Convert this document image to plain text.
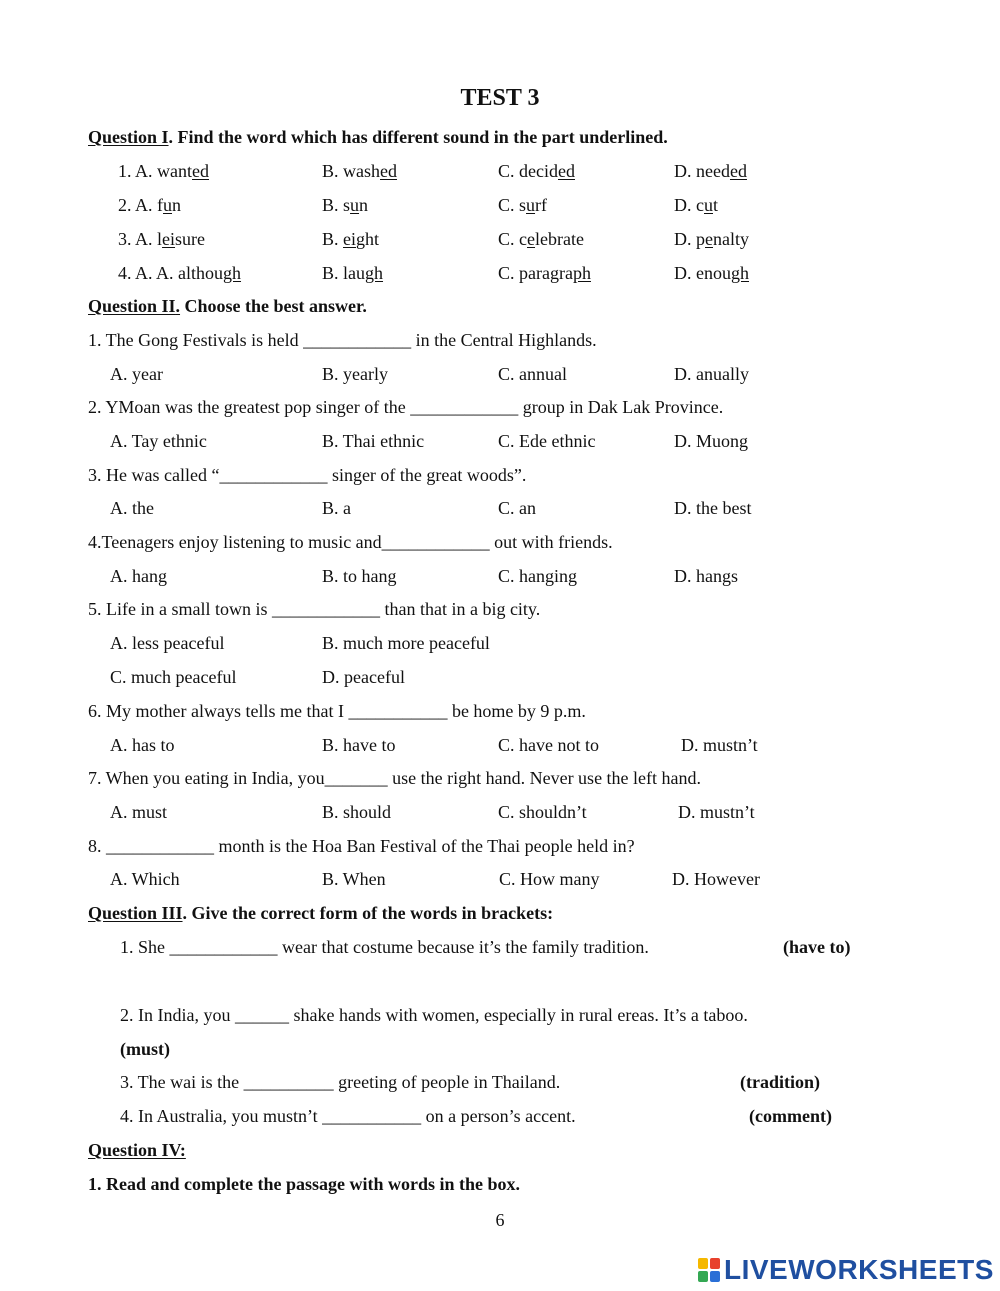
TEST 3
Question I. Find the word which has different sound in the part underlined.
1. A. wanted	B. washed	C. decided	D. needed
2. A. fun	B. sun	C. surf	D. cut
3. A. leisure	B. eight	C. celebrate	D. penalty
4. A. A. although	B. laugh	C. paragraph	D. enough
Question II. Choose the best answer.
1. The Gong Festivals is held ____________ in the Central Highlands.
A. year	B. yearly	C. annual	D. anually
2. YMoan was the greatest pop singer of the ____________ group in Dak Lak Province.
A. Tay ethnic	B. Thai ethnic	C. Ede ethnic	D. Muong
3. He was called “____________ singer of the great woods”.
A. the	B. a	C. an	D. the best
4.Teenagers enjoy listening to music and____________ out with friends.
A. hang	B. to hang	C. hanging	D. hangs
5. Life in a small town is ____________ than that in a big city.
A. less peaceful	B. much more peaceful
C. much peaceful	D. peaceful
6. My mother always tells me that I ___________ be home by 9 p.m.
A. has to	B. have to	C. have not to	D. mustn’t
7. When you eating in India, you_______ use the right hand. Never use the left hand.
A. must	B. should	C. shouldn’t	D. mustn’t
8. ____________ month is the Hoa Ban Festival of the Thai people held in?
A. Which	B. When	C. How many	D. However
Question III. Give the correct form of the words in brackets:
1. She ____________ wear that costume because it’s the family tradition.	(have to)
2. In India, you ______ shake hands with women, especially in rural ereas. It’s a taboo.
(must)
3. The wai is the __________ greeting of people in Thailand.	(tradition)
4. In Australia, you mustn’t ___________ on a person’s accent.	(comment)
Question IV:
1. Read and complete the passage with words in the box.
6
LIVEWORKSHEETS
